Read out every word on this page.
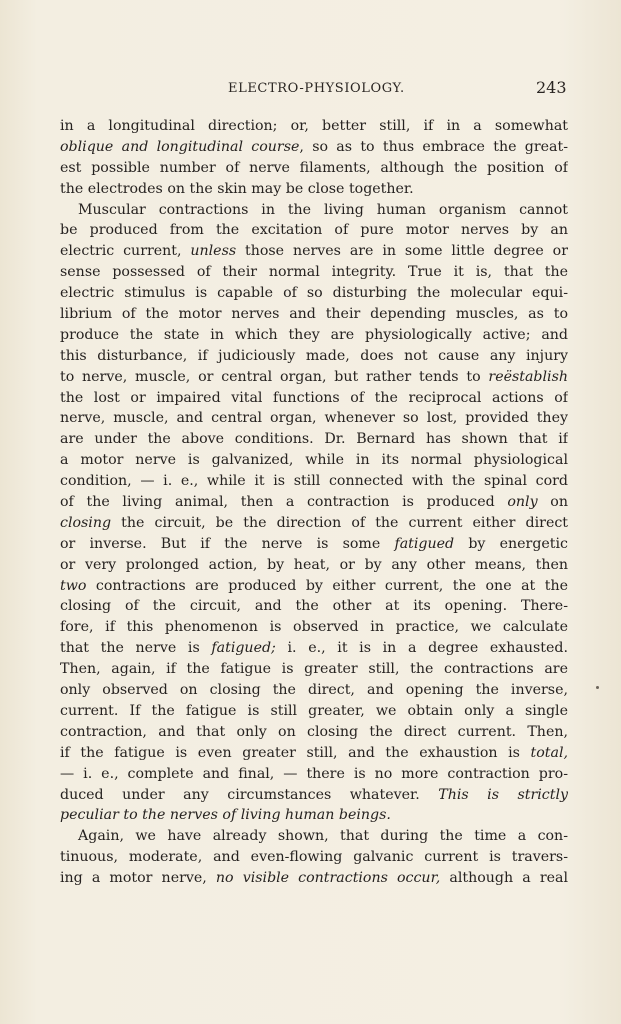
ELECTRO-PHYSIOLOGY.	243
in a longitudinal direction; or, better still, if in a somewhat
oblique and longitudinal course, so as to thus embrace the great-
est possible number of nerve filaments, although the position of
the electrodes on the skin may be close together.
Muscular contractions in the living human organism cannot
be produced from the excitation of pure motor nerves by an
electric current, unless those nerves are in some little degree or
sense possessed of their normal integrity. True it is, that the
electric stimulus is capable of so disturbing the molecular equi-
librium of the motor nerves and their depending muscles, as to
produce the state in which they are physiologically active; and
this disturbance, if judiciously made, does not cause any injury
to nerve, muscle, or central organ, but rather tends to reëstablish
the lost or impaired vital functions of the reciprocal actions of
nerve, muscle, and central organ, whenever so lost, provided they
are under the above conditions. Dr. Bernard has shown that if
a motor nerve is galvanized, while in its normal physiological
condition, — i. e., while it is still connected with the spinal cord
of the living animal, then a contraction is produced only on
closing the circuit, be the direction of the current either direct
or inverse. But if the nerve is some fatigued by energetic
or very prolonged action, by heat, or by any other means, then
two contractions are produced by either current, the one at the
closing of the circuit, and the other at its opening. There-
fore, if this phenomenon is observed in practice, we calculate
that the nerve is fatigued; i. e., it is in a degree exhausted.
Then, again, if the fatigue is greater still, the contractions are
only observed on closing the direct, and opening the inverse,
current. If the fatigue is still greater, we obtain only a single
contraction, and that only on closing the direct current. Then,
if the fatigue is even greater still, and the exhaustion is total,
— i. e., complete and final, — there is no more contraction pro-
duced under any circumstances whatever. This is strictly
peculiar to the nerves of living human beings.
Again, we have already shown, that during the time a con-
tinuous, moderate, and even-flowing galvanic current is travers-
ing a motor nerve, no visible contractions occur, although a real
